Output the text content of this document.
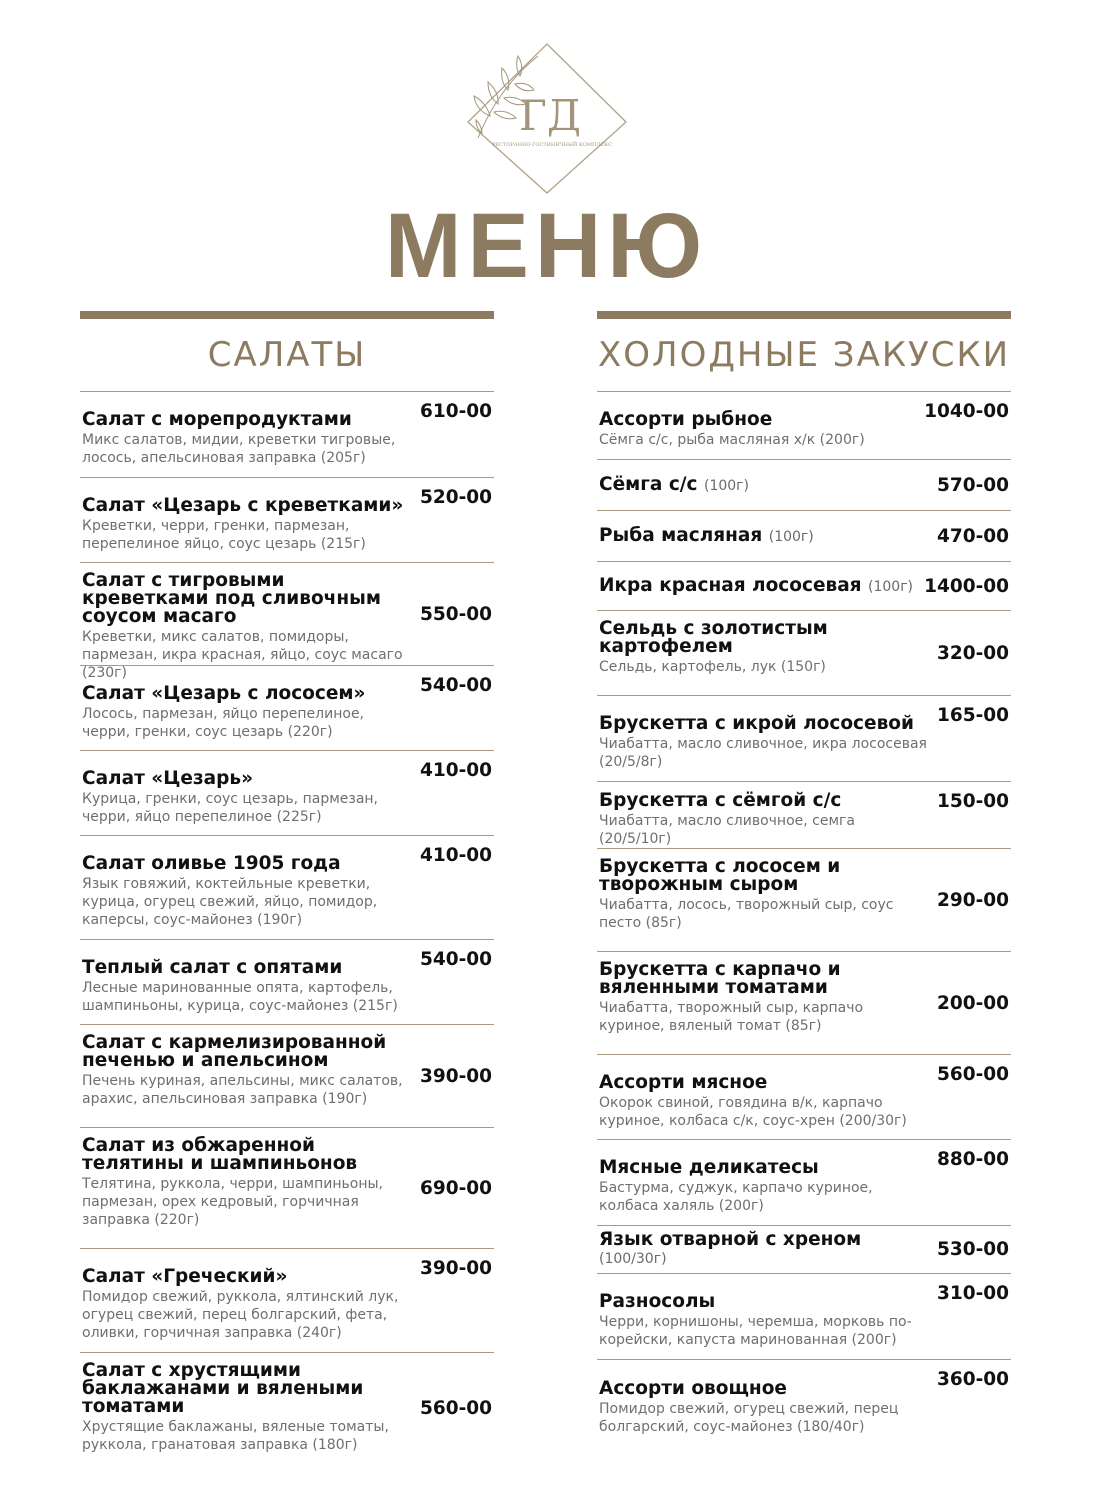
ГД
РЕСТОРАННО-ГОСТИНИЧНЫЙ КОМПЛЕКС
МЕНЮ
САЛАТЫ
Салат с морепродуктами
Микс салатов, мидии, креветки тигровые, лосось, апельсиновая заправка (205г)
610-00
Салат «Цезарь с креветками»
Креветки, черри, гренки, пармезан, перепелиное яйцо, соус цезарь (215г)
520-00
Салат с тигровыми креветками под сливочным соусом масаго
Креветки, микс салатов, помидоры, пармезан, икра красная, яйцо, соус масаго (230г)
550-00
Салат «Цезарь с лососем»
Лосось, пармезан, яйцо перепелиное, черри, гренки, соус цезарь (220г)
540-00
Салат «Цезарь»
Курица, гренки, соус цезарь, пармезан, черри, яйцо перепелиное (225г)
410-00
Салат оливье 1905 года
Язык говяжий, коктейльные креветки, курица, огурец свежий, яйцо, помидор, каперсы, соус-майонез (190г)
410-00
Теплый салат с опятами
Лесные маринованные опята, картофель, шампиньоны, курица, соус-майонез (215г)
540-00
Салат с кармелизированной печенью и апельсином
Печень куриная, апельсины, микс салатов, арахис, апельсиновая заправка (190г)
390-00
Салат из обжаренной телятины и шампиньонов
Телятина, руккола, черри, шампиньоны, пармезан, орех кедровый, горчичная заправка (220г)
690-00
Салат «Греческий»
Помидор свежий, руккола, ялтинский лук, огурец свежий, перец болгарский, фета, оливки, горчичная заправка (240г)
390-00
Салат с хрустящими баклажанами и вялеными томатами
Хрустящие баклажаны, вяленые томаты, руккола, гранатовая заправка (180г)
560-00
ХОЛОДНЫЕ ЗАКУСКИ
Ассорти рыбное
Сёмга с/с, рыба масляная х/к (200г)
1040-00
Сёмга с/с (100г)	570-00
Рыба масляная (100г)	470-00
Икра красная лососевая (100г) 1400-00
Сельдь с золотистым картофелем
Сельдь, картофель, лук (150г)
320-00
Брускетта с икрой лососевой
Чиабатта, масло сливочное, икра лососевая (20/5/8г)
165-00
Брускетта с сёмгой с/с
Чиабатта, масло сливочное, семга (20/5/10г)
150-00
Брускетта с лососем и творожным сыром
Чиабатта, лосось, творожный сыр, соус песто (85г)
290-00
Брускетта с карпачо и вяленными томатами
Чиабатта, творожный сыр, карпачо куриное, вяленый томат (85г)
200-00
Ассорти мясное
Окорок свиной, говядина в/к, карпачо куриное, колбаса с/к, соус-хрен (200/30г)
560-00
Мясные деликатесы
Бастурма, суджук, карпачо куриное, колбаса халяль (200г)
880-00
Язык отварной с хреном (100/30г)	530-00
Разносолы
Черри, корнишоны, черемша, морковь по-корейски, капуста маринованная (200г)
310-00
Ассорти овощное
Помидор свежий, огурец свежий, перец болгарский, соус-майонез (180/40г)
360-00
